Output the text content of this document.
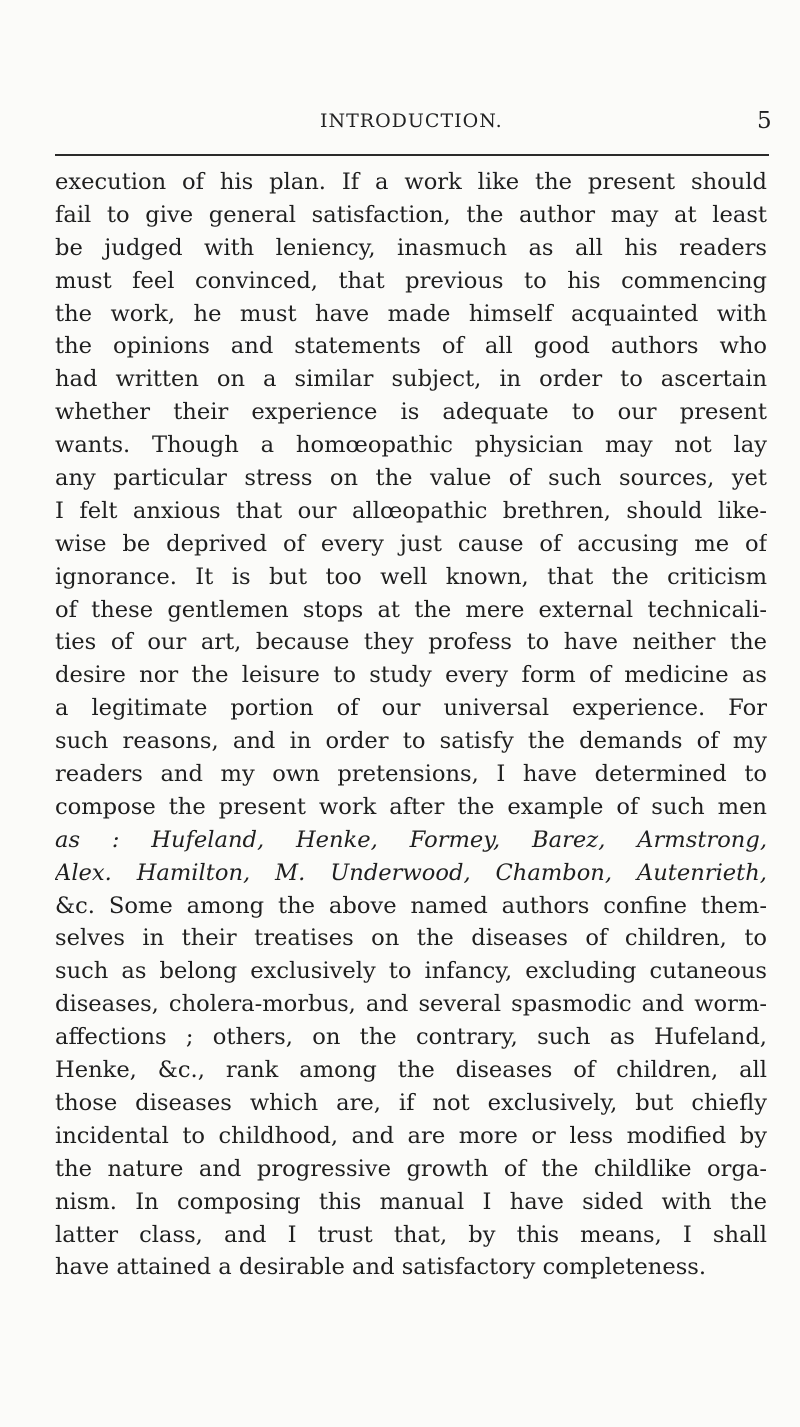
INTRODUCTION.	5
execution of his plan. If a work like the present should
fail to give general satisfaction, the author may at least
be judged with leniency, inasmuch as all his readers
must feel convinced, that previous to his commencing
the work, he must have made himself acquainted with
the opinions and statements of all good authors who
had written on a similar subject, in order to ascertain
whether their experience is adequate to our present
wants. Though a homœopathic physician may not lay
any particular stress on the value of such sources, yet
I felt anxious that our allœopathic brethren, should like-
wise be deprived of every just cause of accusing me of
ignorance. It is but too well known, that the criticism
of these gentlemen stops at the mere external technicali-
ties of our art, because they profess to have neither the
desire nor the leisure to study every form of medicine as
a legitimate portion of our universal experience. For
such reasons, and in order to satisfy the demands of my
readers and my own pretensions, I have determined to
compose the present work after the example of such men
as : Hufeland, Henke, Formey, Barez, Armstrong,
Alex. Hamilton, M. Underwood, Chambon, Autenrieth,
&c. Some among the above named authors confine them-
selves in their treatises on the diseases of children, to
such as belong exclusively to infancy, excluding cutaneous
diseases, cholera-morbus, and several spasmodic and worm-
affections ; others, on the contrary, such as Hufeland,
Henke, &c., rank among the diseases of children, all
those diseases which are, if not exclusively, but chiefly
incidental to childhood, and are more or less modified by
the nature and progressive growth of the childlike orga-
nism. In composing this manual I have sided with the
latter class, and I trust that, by this means, I shall
have attained a desirable and satisfactory completeness.
